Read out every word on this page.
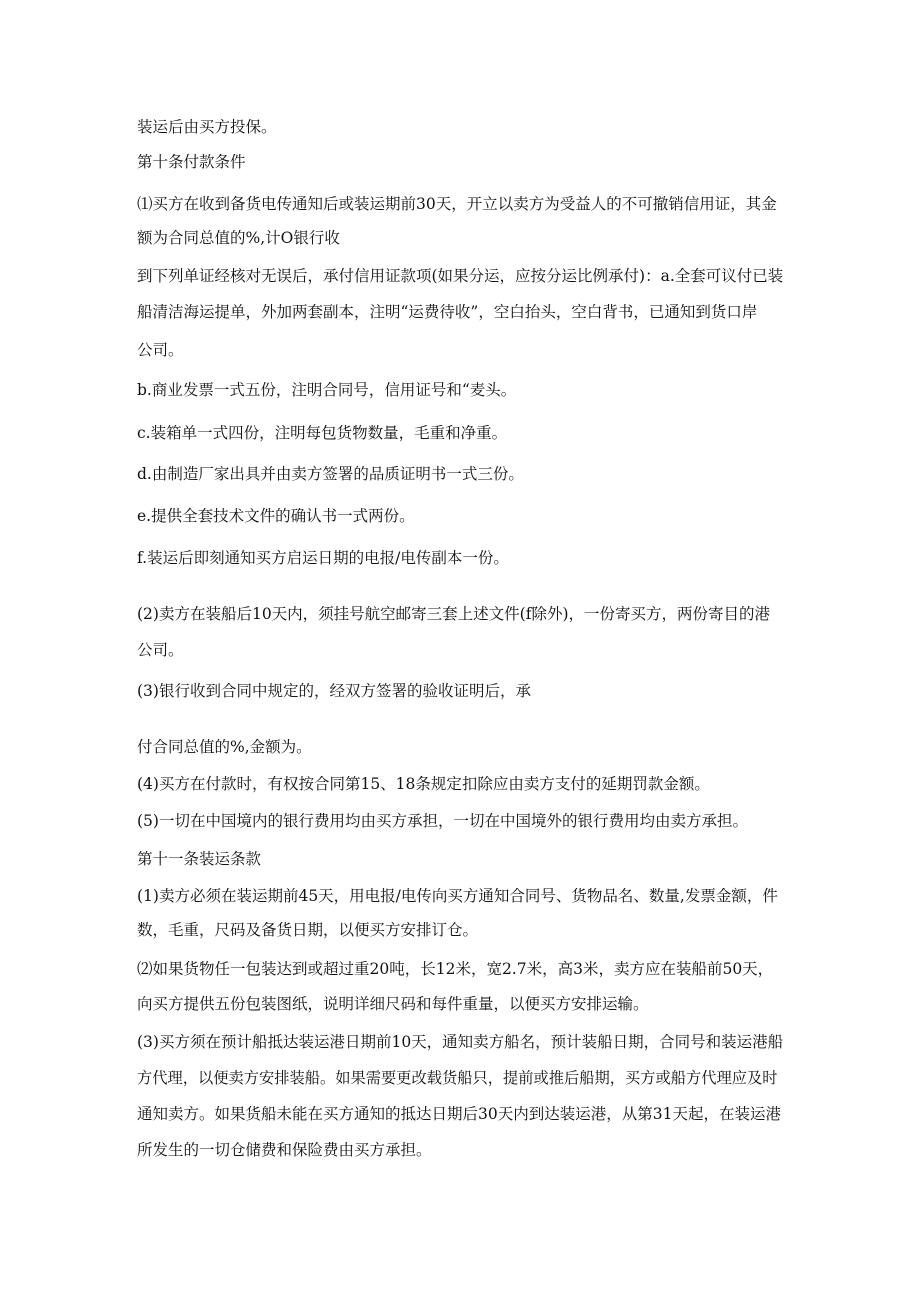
装运后由买方投保。

第十条付款条件

⑴买方在收到备货电传通知后或装运期前30天，开立以卖方为受益人的不可撤销信用证，其金

额为合同总值的%,计O银行收

到下列单证经核对无误后，承付信用证款项(如果分运，应按分运比例承付)：a.全套可议付已装

船清洁海运提单，外加两套副本，注明“运费待收”，空白抬头，空白背书，已通知到货口岸

公司。

b.商业发票一式五份，注明合同号，信用证号和“麦头。

c.装箱单一式四份，注明每包货物数量，毛重和净重。

d.由制造厂家出具并由卖方签署的品质证明书一式三份。

e.提供全套技术文件的确认书一式两份。

f.装运后即刻通知买方启运日期的电报/电传副本一份。

(2)卖方在装船后10天内，须挂号航空邮寄三套上述文件(f除外)，一份寄买方，两份寄目的港

公司。

(3)银行收到合同中规定的，经双方签署的验收证明后，承

付合同总值的%,金额为。

(4)买方在付款时，有权按合同第15、18条规定扣除应由卖方支付的延期罚款金额。

(5)一切在中国境内的银行费用均由买方承担，一切在中国境外的银行费用均由卖方承担。

第十一条装运条款

(1)卖方必须在装运期前45天，用电报/电传向买方通知合同号、货物品名、数量,发票金额，件

数，毛重，尺码及备货日期，以便买方安排订仓。

⑵如果货物任一包装达到或超过重20吨，长12米，宽2.7米，高3米，卖方应在装船前50天，

向买方提供五份包装图纸，说明详细尺码和每件重量，以便买方安排运输。

(3)买方须在预计船抵达装运港日期前10天，通知卖方船名，预计装船日期，合同号和装运港船

方代理，以便卖方安排装船。如果需要更改载货船只，提前或推后船期，买方或船方代理应及时

通知卖方。如果货船未能在买方通知的抵达日期后30天内到达装运港，从第31天起，在装运港

所发生的一切仓储费和保险费由买方承担。
